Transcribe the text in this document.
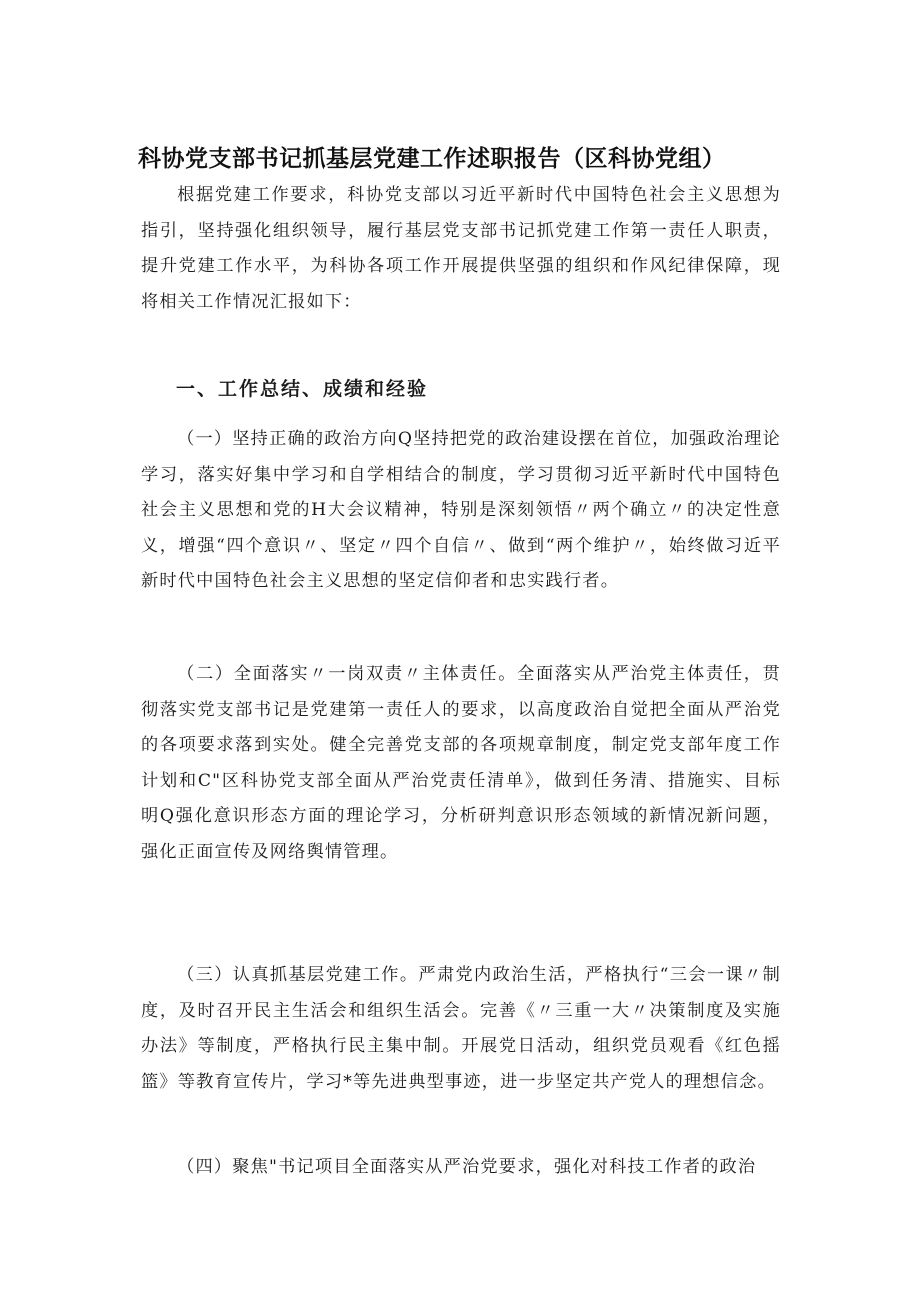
科协党支部书记抓基层党建工作述职报告（区科协党组）

根据党建工作要求，科协党支部以习近平新时代中国特色社会主义思想为指引，坚持强化组织领导，履行基层党支部书记抓党建工作第一责任人职责，提升党建工作水平，为科协各项工作开展提供坚强的组织和作风纪律保障，现将相关工作情况汇报如下：

一、工作总结、成绩和经验

（一）坚持正确的政治方向Q坚持把党的政治建设摆在首位，加强政治理论学习，落实好集中学习和自学相结合的制度，学习贯彻习近平新时代中国特色社会主义思想和党的H大会议精神，特别是深刻领悟〃两个确立〃的决定性意义，增强“四个意识〃、坚定〃四个自信〃、做到“两个维护〃，始终做习近平新时代中国特色社会主义思想的坚定信仰者和忠实践行者。

（二）全面落实〃一岗双责〃主体责任。全面落实从严治党主体责任，贯彻落实党支部书记是党建第一责任人的要求，以高度政治自觉把全面从严治党的各项要求落到实处。健全完善党支部的各项规章制度，制定党支部年度工作计划和C"区科协党支部全面从严治党责任清单》，做到任务清、措施实、目标明Q强化意识形态方面的理论学习，分析研判意识形态领域的新情况新问题，强化正面宣传及网络舆情管理。

（三）认真抓基层党建工作。严肃党内政治生活，严格执行“三会一课〃制度，及时召开民主生活会和组织生活会。完善《〃三重一大〃决策制度及实施办法》等制度，严格执行民主集中制。开展党日活动，组织党员观看《红色摇篮》等教育宣传片，学习*等先进典型事迹，进一步坚定共产党人的理想信念。

（四）聚焦"书记项目全面落实从严治党要求，强化对科技工作者的政治
